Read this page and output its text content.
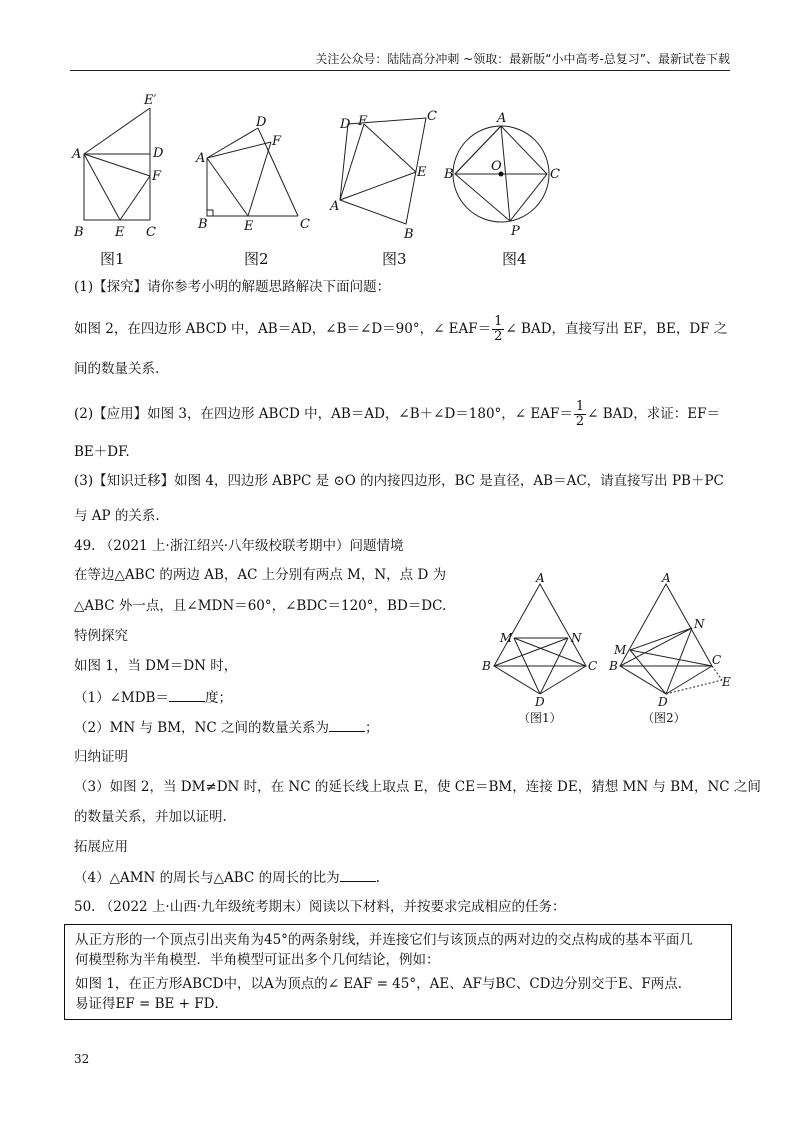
关注公众号：陆陆高分冲刺 ~领取：最新版“小中高考-总复习”、最新试卷下载
E′
A	D
F
B E C
D
F
A
B	E	C
D F	C
E
A
B
A
O
B	C
P
图1	图2	图3	图4
(1)【探究】请你参考小明的解题思路解决下面问题：
如图 2，在四边形 ABCD 中，AB＝AD，∠B＝∠D＝90°，∠ $EAF= \frac{1}{2}$ ∠ BAD，直接写出 EF，BE，DF 之
间的数量关系.
(2)【应用】如图 3，在四边形 ABCD 中，AB＝AD，∠B＋∠D＝180°，∠ $EAF= \frac{1}{2}$ ∠ BAD，求证：EF＝
BE＋DF.
(3)【知识迁移】如图 4，四边形 ABPC 是 ⊙O 的内接四边形，BC 是直径，AB＝AC，请直接写出 PB＋PC
与 AP 的关系.
49. （2021 上·浙江绍兴·八年级校联考期中）问题情境
在等边△ABC 的两边 AB，AC 上分别有两点 M，N，点 D 为
△ABC 外一点，且∠MDN＝60°，∠BDC＝120°，BD＝DC.
特例探究
如图 1，当 DM＝DN 时，
（1）∠MDB＝	度；
（2）MN 与 BM，NC 之间的数量关系为	；
归纳证明
（3）如图 2，当 DM≠DN 时，在 NC 的延长线上取点 E，使 CE＝BM，连接 DE，猜想 MN 与 BM，NC 之间
的数量关系，并加以证明.
拓展应用
（4）△AMN 的周长与△ABC 的周长的比为	.
A
M	N
B	C
D
A
N
M
B	C
D
E
（图1）	（图2）
50. （2022 上·山西·九年级统考期末）阅读以下材料，并按要求完成相应的任务：
从正方形的一个顶点引出夹角为45°的两条射线，并连接它们与该顶点的两对边的交点构成的基本平面几
何模型称为半角模型．半角模型可证出多个几何结论，例如：
如图 1，在正方形ABCD中，以A为顶点的∠ EAF = 45°，AE、AF与BC、CD边分别交于E、F两点．
易证得EF = BE + FD．
32
